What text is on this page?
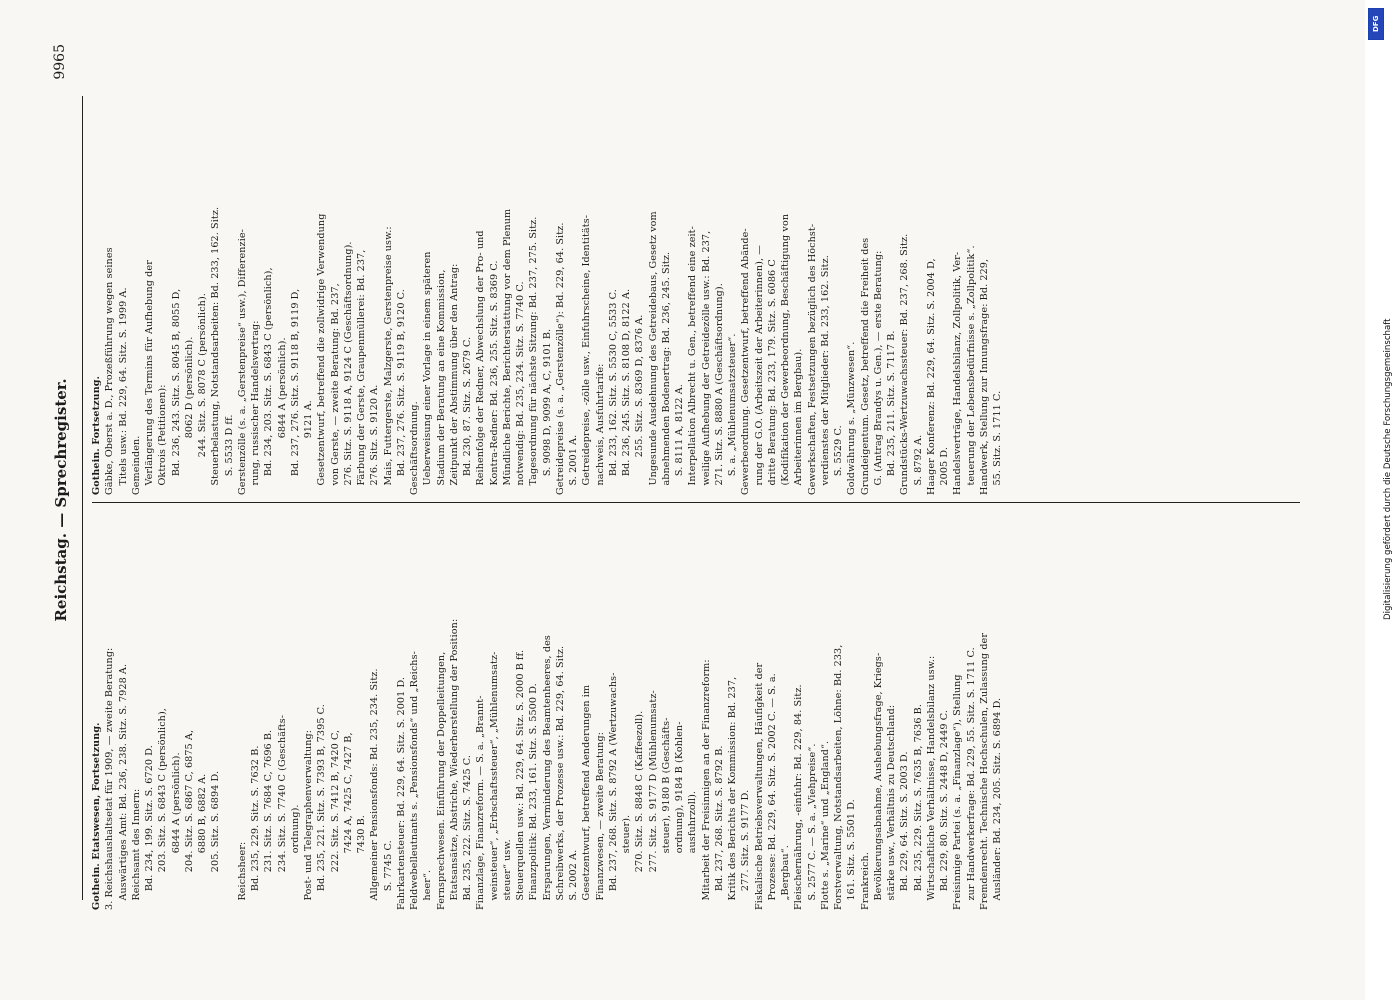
Reichstag. — Sprechregister.
9965
Gothein. Etatswesen, Fortsetzung. 3. Reichshaushaltsetat für 1909, — zweite Beratung: Auswärtiges Amt: Bd. 236, 238. Sitz. S. 7928 A. Reichsamt des Innern: Bd. 234, 199. Sitz. S. 6720 D. 203. Sitz. S. 6843 C (persönlich), 6844 A (persönlich). 204. Sitz. S. 6867 C, 6875 A, 6880 B, 6882 A. 205. Sitz. S. 6894 D. Reichsheer: Bd. 235, 229. Sitz. S. 7632 B. 231. Sitz. S. 7684 C, 7696 B. 234. Sitz. S. 7740 C (Geschäfts- ordnung). Post- und Telegraphenverwaltung: Bd. 235, 221. Sitz. S. 7393 B, 7395 C. 222. Sitz. S. 7412 B, 7420 C, 7424 A, 7425 C, 7427 B, 7430 B. Allgemeiner Pensionsfonds: Bd. 235, 234. Sitz. S. 7745 C. Fahrkartensteuer: Bd. 229, 64. Sitz. S. 2001 D. Feldwebelleutnants s. „Pensionsfonds“ und „Reichs- heer“. Fernsprechwesen. Einführung der Doppelleitungen, Etatsansätze, Abstriche, Wiederherstellung der Position: Bd. 235, 222. Sitz. S. 7425 C. Finanzlage, Finanzreform. — S. a. „Brannt- weinsteuer“, „Erbschaftssteuer“, „Mühlenumsatz- steuer“ usw. Steuerquellen usw.: Bd. 229, 64. Sitz. S. 2000 B ff. Finanzpolitik: Bd. 233, 161. Sitz. S. 5500 D. Ersparungen, Verminderung des Beamtenheeres, des Schreibwerks, der Prozesse usw.: Bd. 229, 64. Sitz. S. 2002 A. Gesetzentwurf, betreffend Aenderungen im Finanzwesen, — zweite Beratung: Bd. 237, 268. Sitz. S. 8792 A (Wertzuwachs- steuer). 270. Sitz. S. 8848 C (Kaffeezoll). 277. Sitz. S. 9177 D (Mühlenumsatz- steuer), 9180 B (Geschäfts- ordnung), 9184 B (Kohlen- ausfuhrzoll). Mitarbeit der Freisinnigen an der Finanzreform: Bd. 237, 268. Sitz. S. 8792 B. Kritik des Berichts der Kommission: Bd. 237, 277. Sitz. S. 9177 D. Fiskalische Betriebsverwaltungen, Häufigkeit der Prozesse: Bd. 229, 64. Sitz. S. 2002 C. — S. a. „Bergbau“. Fleischernährung, -einfuhr: Bd. 229, 84. Sitz. S. 2577 C. — S. a. „Viehpreise“. Flotte s. „Marine“ und „England“. Forstverwaltung, Notstandsarbeiten, Löhne: Bd. 233, 161. Sitz. S. 5501 D. Frankreich. Bevölkerungsabnahme, Aushebungsfrage, Kriegs- stärke usw., Verhältnis zu Deutschland: Bd. 229, 64. Sitz. S. 2003 D. Bd. 235, 229. Sitz. S. 7635 B, 7636 B. Wirtschaftliche Verhältnisse, Handelsbilanz usw.: Bd. 229, 80. Sitz. S. 2448 D, 2449 C. Freisinnige Partei (s. a. „Finanzlage“), Stellung zur Handwerkerfrage: Bd. 229, 55. Sitz. S. 1711 C. Fremdenrecht. Technische Hochschulen, Zulassung der Ausländer: Bd. 234, 205. Sitz. S. 6894 D.
Gothein. Fortsetzung. Gäbke, Oberst a. D., Prozeßführung wegen seines Titels usw.: Bd. 229, 64. Sitz. S. 1999 A. Gemeinden. Verlängerung des Termins für Aufhebung der Oktrois (Petitionen): Bd. 236, 243. Sitz. S. 8045 B, 8055 D, 8062 D (persönlich). 244. Sitz. S. 8078 C (persönlich). Steuerbelastung, Notstandsarbeiten: Bd. 233, 162. Sitz. S. 5533 D ff. Gerstenzölle (s. a. „Gerstenpreise“ usw.), Differenzie- rung, russischer Handelsvertrag: Bd. 234, 203. Sitz. S. 6843 C (persönlich), 6844 A (persönlich). Bd. 237, 276. Sitz. S. 9118 B, 9119 D, 9121 A. Gesetzentwurf, betreffend die zollwidrige Verwendung von Gerste, — zweite Beratung: Bd. 237, 276. Sitz. S. 9118 A, 9124 C (Geschäftsordnung). Färbung der Gerste, Graupenmüllerei: Bd. 237, 276. Sitz. S. 9120 A. Mais, Futtergerste, Malzgerste, Gerstenpreise usw.: Bd. 237, 276. Sitz. S. 9119 B, 9120 C. Geschäftsordnung. Ueberweisung einer Vorlage in einem späteren Stadium der Beratung an eine Kommission, Zeitpunkt der Abstimmung über den Antrag: Bd. 230, 87. Sitz. S. 2679 C. Reihenfolge der Redner, Abwechslung der Pro- und Kontra-Redner: Bd. 236, 255. Sitz. S. 8369 C. Mündliche Berichte, Berichterstattung vor dem Plenum notwendig: Bd. 235, 234. Sitz. S. 7740 C. Tagesordnung für nächste Sitzung: Bd. 237, 275. Sitz. S. 9098 D, 9099 A, C, 9101 B. Getreidepreise (s. a. „Gerstenzölle“): Bd. 229, 64. Sitz. S. 2001 A. Getreidepreise, -zölle usw., Einfuhrscheine, Identitäts- nachweis, Ausfuhrtarife: Bd. 233, 162. Sitz. S. 5530 C, 5533 C. Bd. 236, 245. Sitz. S. 8108 D, 8122 A. 255. Sitz. S. 8369 D, 8376 A. Ungesunde Ausdehnung des Getreidebaus, Gesetz vom abnehmenden Bodenertrag: Bd. 236, 245. Sitz. S. 8111 A, 8122 A. Interpellation Albrecht u. Gen., betreffend eine zeit- weilige Aufhebung der Getreidezölle usw.: Bd. 237, 271. Sitz. S. 8880 A (Geschäftsordnung). S. a. „Mühlenumsatzsteuer“. Gewerbeordnung. Gesetzentwurf, betreffend Abände- rung der G.O. (Arbeitszeit der Arbeiterinnen), — dritte Beratung: Bd. 233, 179. Sitz. S. 6086 C (Kodifikation der Gewerbeordnung, Beschäftigung von Arbeiterinnen im Bergbau). Gewerkschaften, Festsetzungen bezüglich des Höchst- verdienstes der Mitglieder: Bd. 233, 162. Sitz. S. 5529 C. Goldwährung s. „Münzwesen“. Grundeigentum. Gesetz, betreffend die Freiheit des G. (Antrag Brandys u. Gen.), — erste Beratung: Bd. 235, 211. Sitz. S. 7117 B. Grundstücks-Wertzuwachssteuer: Bd. 237, 268. Sitz. S. 8792 A. Haager Konferenz: Bd. 229, 64. Sitz. S. 2004 D, 2005 D. Handelsverträge, Handelsbilanz, Zollpolitik, Ver- teuerung der Lebensbedürfnisse s. „Zollpolitik“. Handwerk, Stellung zur Innungsfrage: Bd. 229, 55. Sitz. S. 1711 C.	Digitalisierung gefördert durch die Deutsche Forschungsgemeinschaft
DFG
